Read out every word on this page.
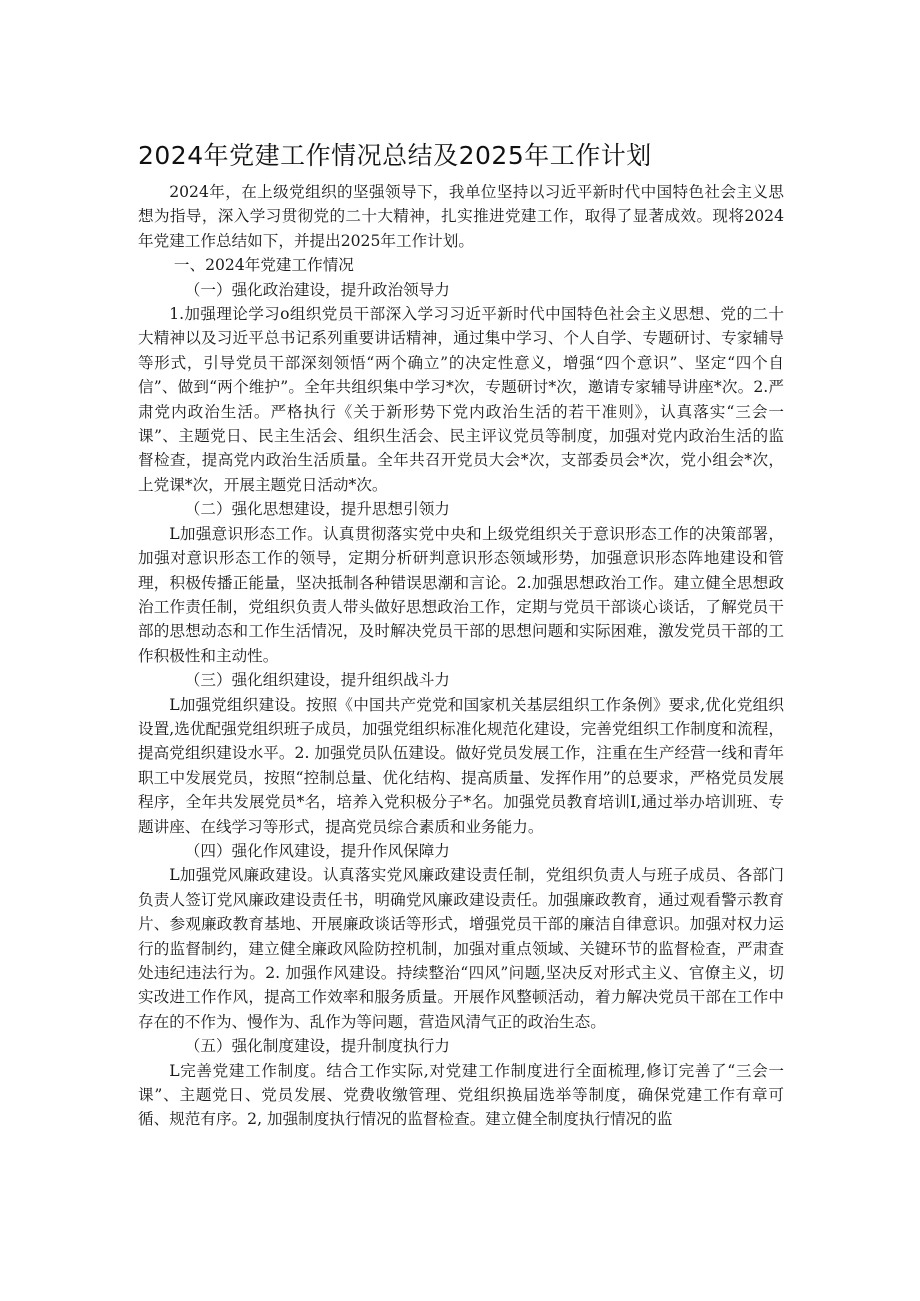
2024年党建工作情况总结及2025年工作计划

2024年，在上级党组织的坚强领导下，我单位坚持以习近平新时代中国特色社会主义思想为指导，深入学习贯彻党的二十大精神，扎实推进党建工作，取得了显著成效。现将2024年党建工作总结如下，并提出2025年工作计划。

一、2024年党建工作情况

（一）强化政治建设，提升政治领导力

1.加强理论学习o组织党员干部深入学习习近平新时代中国特色社会主义思想、党的二十大精神以及习近平总书记系列重要讲话精神，通过集中学习、个人自学、专题研讨、专家辅导等形式，引导党员干部深刻领悟“两个确立”的决定性意义，增强“四个意识”、坚定“四个自信”、做到“两个维护”。全年共组织集中学习*次，专题研讨*次，邀请专家辅导讲座*次。2.严肃党内政治生活。严格执行《关于新形势下党内政治生活的若干准则》，认真落实“三会一课”、主题党日、民主生活会、组织生活会、民主评议党员等制度，加强对党内政治生活的监督检查，提高党内政治生活质量。全年共召开党员大会*次，支部委员会*次，党小组会*次，上党课*次，开展主题党日活动*次。

（二）强化思想建设，提升思想引领力

L加强意识形态工作。认真贯彻落实党中央和上级党组织关于意识形态工作的决策部署，加强对意识形态工作的领导，定期分析研判意识形态领域形势，加强意识形态阵地建设和管理，积极传播正能量，坚决抵制各种错误思潮和言论。2.加强思想政治工作。建立健全思想政治工作责任制，党组织负责人带头做好思想政治工作，定期与党员干部谈心谈话，了解党员干部的思想动态和工作生活情况，及时解决党员干部的思想问题和实际困难，激发党员干部的工作积极性和主动性。

（三）强化组织建设，提升组织战斗力

L加强党组织建设。按照《中国共产党党和国家机关基层组织工作条例》要求,优化党组织设置,选优配强党组织班子成员，加强党组织标准化规范化建设，完善党组织工作制度和流程，提高党组织建设水平。2. 加强党员队伍建设。做好党员发展工作，注重在生产经营一线和青年职工中发展党员，按照“控制总量、优化结构、提高质量、发挥作用”的总要求，严格党员发展程序，全年共发展党员*名，培养入党积极分子*名。加强党员教育培训I,通过举办培训班、专题讲座、在线学习等形式，提高党员综合素质和业务能力。

（四）强化作风建设，提升作风保障力

L加强党风廉政建设。认真落实党风廉政建设责任制，党组织负责人与班子成员、各部门负责人签订党风廉政建设责任书，明确党风廉政建设责任。加强廉政教育，通过观看警示教育片、参观廉政教育基地、开展廉政谈话等形式，增强党员干部的廉洁自律意识。加强对权力运行的监督制约，建立健全廉政风险防控机制，加强对重点领域、关键环节的监督检查，严肃查处违纪违法行为。2. 加强作风建设。持续整治“四风”问题,坚决反对形式主义、官僚主义，切实改进工作作风，提高工作效率和服务质量。开展作风整顿活动，着力解决党员干部在工作中存在的不作为、慢作为、乱作为等问题，营造风清气正的政治生态。

（五）强化制度建设，提升制度执行力

L完善党建工作制度。结合工作实际,对党建工作制度进行全面梳理,修订完善了“三会一课”、主题党日、党员发展、党费收缴管理、党组织换届选举等制度，确保党建工作有章可循、规范有序。2, 加强制度执行情况的监督检查。建立健全制度执行情况的监
